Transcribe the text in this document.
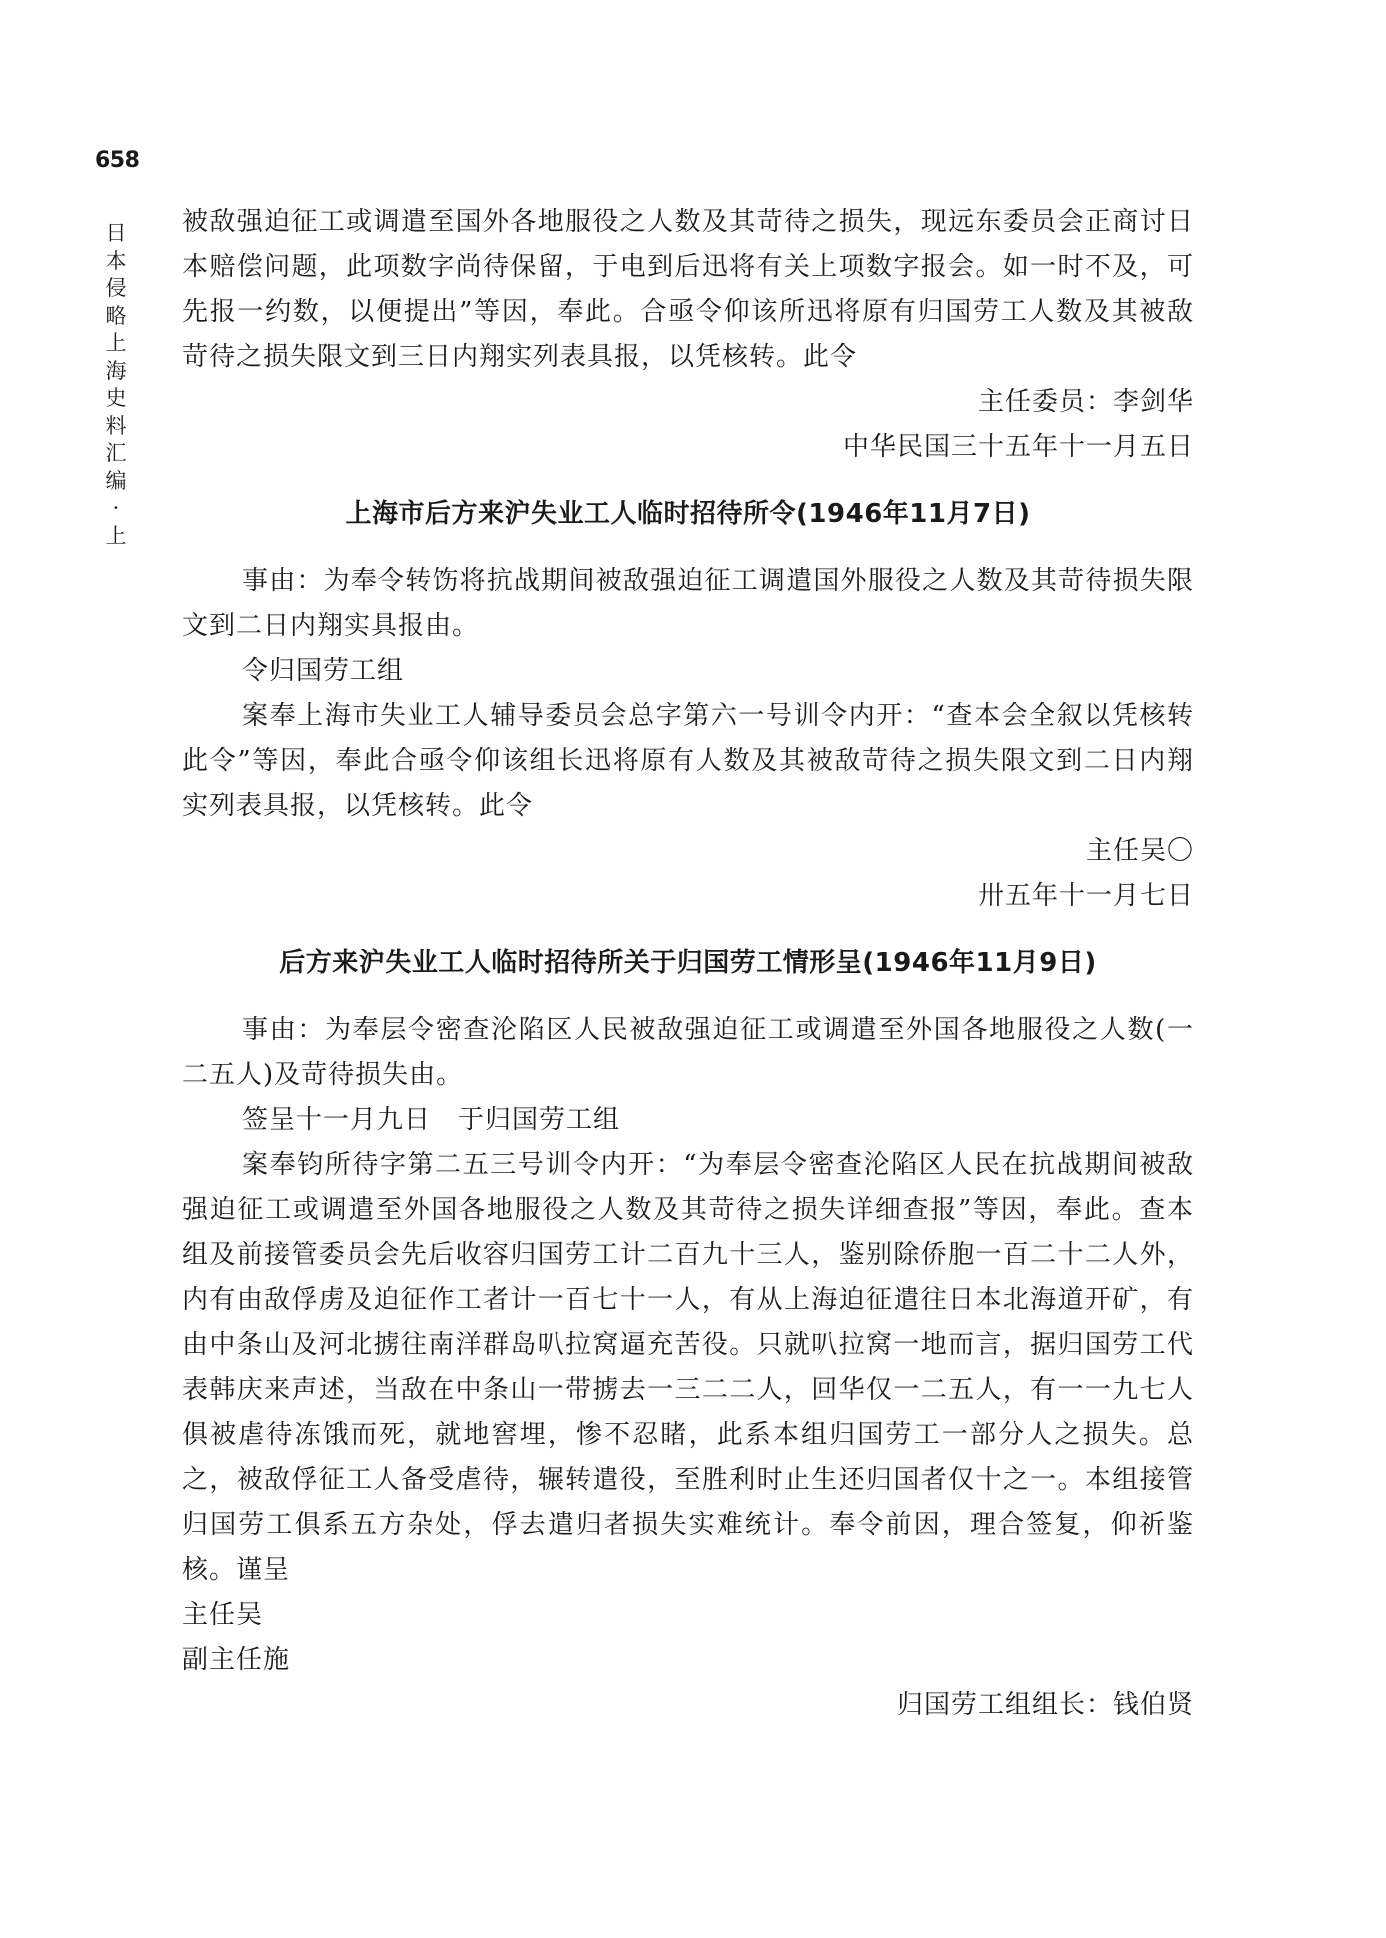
658
日本侵略上海史料汇编·上

被敌强迫征工或调遣至国外各地服役之人数及其苛待之损失，现远东委员会正商讨日本赔偿问题，此项数字尚待保留，于电到后迅将有关上项数字报会。如一时不及，可先报一约数，以便提出”等因，奉此。合亟令仰该所迅将原有归国劳工人数及其被敌苛待之损失限文到三日内翔实列表具报，以凭核转。此令

主任委员：李剑华

中华民国三十五年十一月五日

上海市后方来沪失业工人临时招待所令(1946年11月7日)

事由：为奉令转饬将抗战期间被敌强迫征工调遣国外服役之人数及其苛待损失限文到二日内翔实具报由。

令归国劳工组

案奉上海市失业工人辅导委员会总字第六一号训令内开：“查本会全叙以凭核转此令”等因，奉此合亟令仰该组长迅将原有人数及其被敌苛待之损失限文到二日内翔实列表具报，以凭核转。此令

主任吴〇

卅五年十一月七日

后方来沪失业工人临时招待所关于归国劳工情形呈(1946年11月9日)

事由：为奉层令密查沦陷区人民被敌强迫征工或调遣至外国各地服役之人数(一二五人)及苛待损失由。

签呈十一月九日　于归国劳工组

案奉钧所待字第二五三号训令内开：“为奉层令密查沦陷区人民在抗战期间被敌强迫征工或调遣至外国各地服役之人数及其苛待之损失详细查报”等因，奉此。查本组及前接管委员会先后收容归国劳工计二百九十三人，鉴别除侨胞一百二十二人外，内有由敌俘虏及迫征作工者计一百七十一人，有从上海迫征遣往日本北海道开矿，有由中条山及河北掳往南洋群岛叭拉窝逼充苦役。只就叭拉窝一地而言，据归国劳工代表韩庆来声述，当敌在中条山一带掳去一三二二人，回华仅一二五人，有一一九七人俱被虐待冻饿而死，就地窖埋，惨不忍睹，此系本组归国劳工一部分人之损失。总之，被敌俘征工人备受虐待，辗转遣役，至胜利时止生还归国者仅十之一。本组接管归国劳工俱系五方杂处，俘去遣归者损失实难统计。奉令前因，理合签复，仰祈鉴核。谨呈

主任吴

副主任施

归国劳工组组长：钱伯贤
